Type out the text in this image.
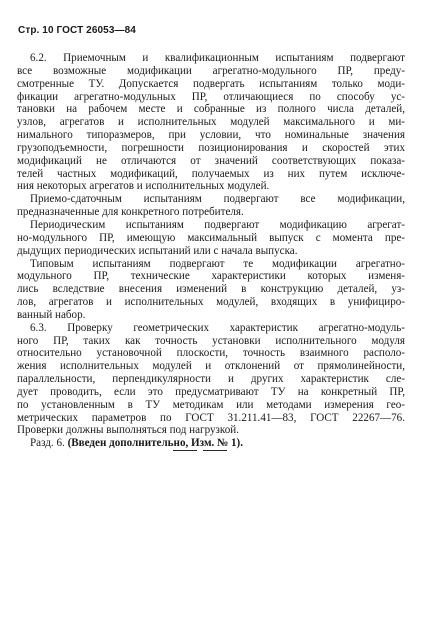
Стр. 10 ГОСТ 26053—84
6.2. Приемочным и квалификационным испытаниям подвергают
все возможные модификации агрегатно-модульного ПР, преду-
смотренные ТУ. Допускается подвергать испытаниям только моди-
фикации агрегатно-модульных ПР, отличающиеся по способу ус-
тановки на рабочем месте и собранные из полного числа деталей,
узлов, агрегатов и исполнительных модулей максимального и ми-
нимального типоразмеров, при условии, что номинальные значения
грузоподъемности, погрешности позиционирования и скоростей этих
модификаций не отличаются от значений соответствующих показа-
телей частных модификаций, получаемых из них путем исключе-
ния некоторых агрегатов и исполнительных модулей.
Приемо-сдаточным испытаниям подвергают все модификации,
предназначенные для конкретного потребителя.
Периодическим испытаниям подвергают модификацию агрегат-
но-модульного ПР, имеющую максимальный выпуск с момента пре-
дыдущих периодических испытаний или с начала выпуска.
Типовым испытаниям подвергают те модификации агрегатно-
модульного ПР, технические характеристики которых изменя-
лись вследствие внесения изменений в конструкцию деталей, уз-
лов, агрегатов и исполнительных модулей, входящих в унифициро-
ванный набор.
6.3. Проверку геометрических характеристик агрегатно-модуль-
ного ПР, таких как точность установки исполнительного модуля
относительно установочной плоскости, точность взаимного располо-
жения исполнительных модулей и отклонений от прямолинейности,
параллельности, перпендикулярности и других характеристик сле-
дует проводить, если это предусматривают ТУ на конкретный ПР,
по установленным в ТУ методикам или методами измерения гео-
метрических параметров по ГОСТ 31.211.41—83, ГОСТ 22267—76.
Проверки должны выполняться под нагрузкой.
Разд. 6. (Введен дополнительно, Изм. № 1).
